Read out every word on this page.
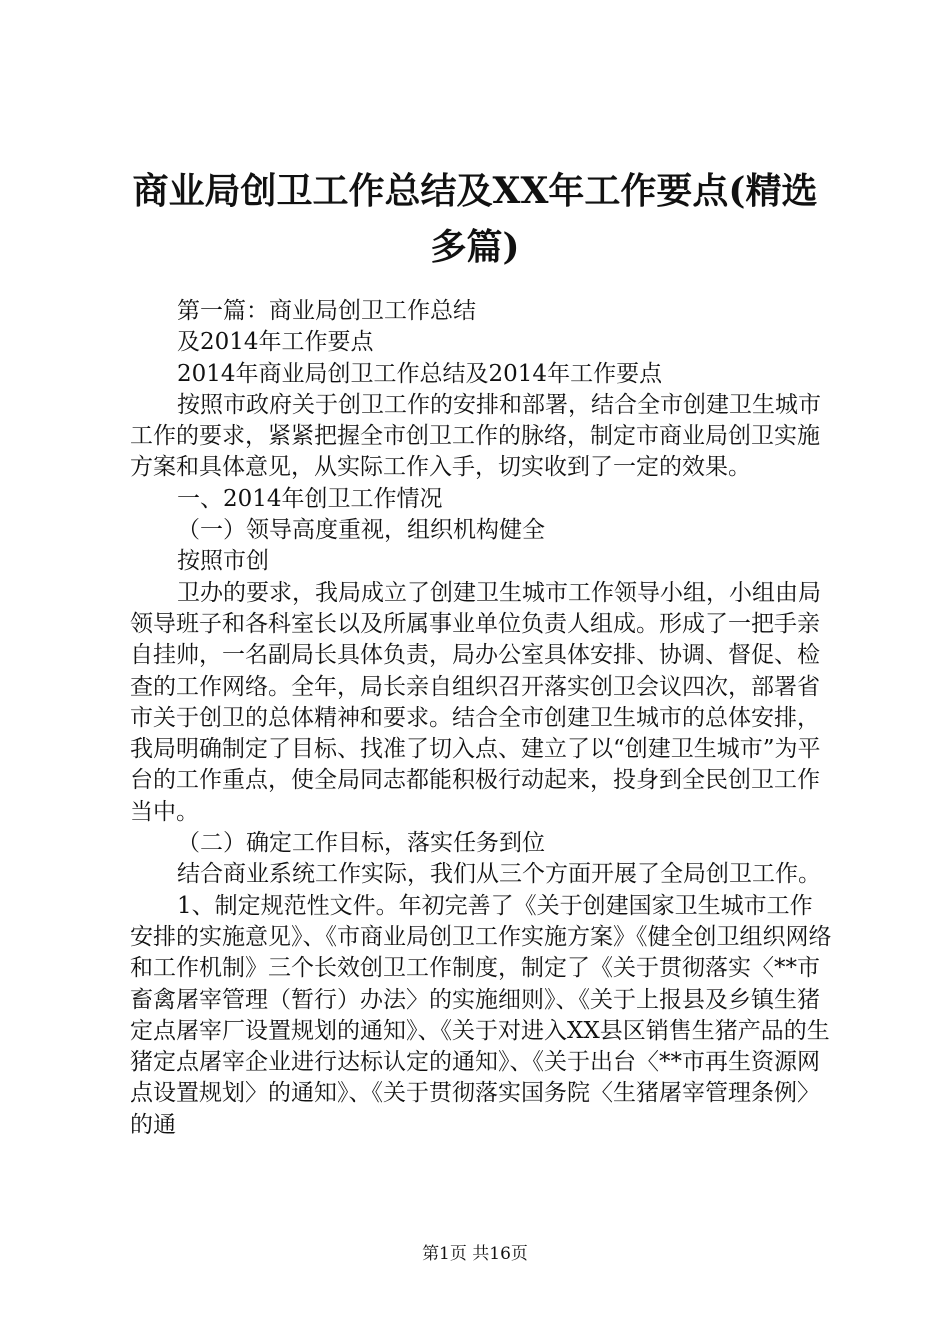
商业局创卫工作总结及XX年工作要点(精选多篇)

第一篇：商业局创卫工作总结

及2014年工作要点

2014年商业局创卫工作总结及2014年工作要点

按照市政府关于创卫工作的安排和部署，结合全市创建卫生城市工作的要求，紧紧把握全市创卫工作的脉络，制定市商业局创卫实施方案和具体意见，从实际工作入手，切实收到了一定的效果。

一、2014年创卫工作情况

（一）领导高度重视，组织机构健全

按照市创

卫办的要求，我局成立了创建卫生城市工作领导小组，小组由局领导班子和各科室长以及所属事业单位负责人组成。形成了一把手亲自挂帅，一名副局长具体负责，局办公室具体安排、协调、督促、检查的工作网络。全年，局长亲自组织召开落实创卫会议四次，部署省市关于创卫的总体精神和要求。结合全市创建卫生城市的总体安排，我局明确制定了目标、找准了切入点、建立了以“创建卫生城市”为平台的工作重点，使全局同志都能积极行动起来，投身到全民创卫工作当中。

（二）确定工作目标，落实任务到位

结合商业系统工作实际，我们从三个方面开展了全局创卫工作。

1、制定规范性文件。年初完善了《关于创建国家卫生城市工作安排的实施意见》、《市商业局创卫工作实施方案》《健全创卫组织网络和工作机制》三个长效创卫工作制度，制定了《关于贯彻落实〈**市畜禽屠宰管理（暂行）办法〉的实施细则》、《关于上报县及乡镇生猪定点屠宰厂设置规划的通知》、《关于对进入XX县区销售生猪产品的生猪定点屠宰企业进行达标认定的通知》、《关于出台〈**市再生资源网点设置规划〉的通知》、《关于贯彻落实国务院〈生猪屠宰管理条例〉的通

第1页 共16页
